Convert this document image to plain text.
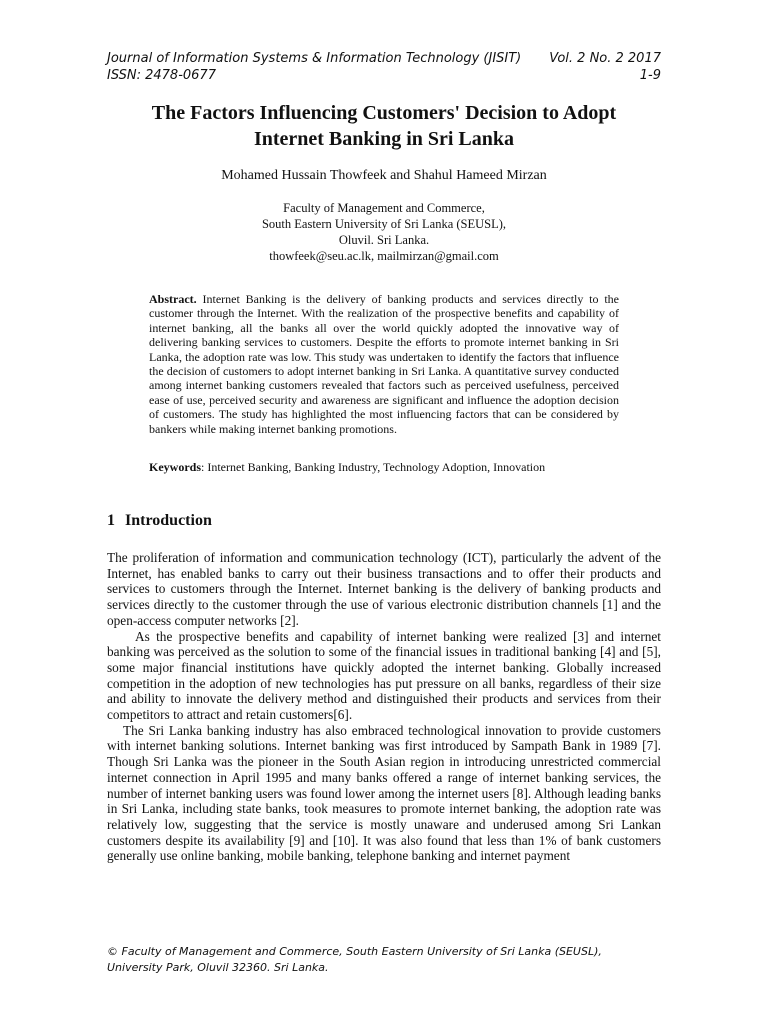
Journal of Information Systems & Information Technology (JISIT) Vol. 2 No. 2 2017
ISSN: 2478-0677	1-9
The Factors Influencing Customers' Decision to Adopt
Internet Banking in Sri Lanka
Mohamed Hussain Thowfeek and Shahul Hameed Mirzan
Faculty of Management and Commerce,
South Eastern University of Sri Lanka (SEUSL),
Oluvil. Sri Lanka.
thowfeek@seu.ac.lk, mailmirzan@gmail.com
Abstract. Internet Banking is the delivery of banking products and services directly to the customer through the Internet. With the realization of the prospective benefits and capability of internet banking, all the banks all over the world quickly adopted the innovative way of delivering banking services to customers. Despite the efforts to promote internet banking in Sri Lanka, the adoption rate was low. This study was undertaken to identify the factors that influence the decision of customers to adopt internet banking in Sri Lanka. A quantitative survey conducted among internet banking customers revealed that factors such as perceived usefulness, perceived ease of use, perceived security and awareness are significant and influence the adoption decision of customers. The study has highlighted the most influencing factors that can be considered by bankers while making internet banking promotions.
Keywords: Internet Banking, Banking Industry, Technology Adoption, Innovation
1 Introduction

The proliferation of information and communication technology (ICT), particularly the advent of the Internet, has enabled banks to carry out their business transactions and to offer their products and services to customers through the Internet. Internet banking is the delivery of banking products and services directly to the customer through the use of various electronic distribution channels [1] and the open-access computer networks [2].

As the prospective benefits and capability of internet banking were realized [3] and internet banking was perceived as the solution to some of the financial issues in traditional banking [4] and [5], some major financial institutions have quickly adopted the internet banking. Globally increased competition in the adoption of new technologies has put pressure on all banks, regardless of their size and ability to innovate the delivery method and distinguished their products and services from their competitors to attract and retain customers[6].

The Sri Lanka banking industry has also embraced technological innovation to provide customers with internet banking solutions. Internet banking was first introduced by Sampath Bank in 1989 [7]. Though Sri Lanka was the pioneer in the South Asian region in introducing unrestricted commercial internet connection in April 1995 and many banks offered a range of internet banking services, the number of internet banking users was found lower among the internet users [8]. Although leading banks in Sri Lanka, including state banks, took measures to promote internet banking, the adoption rate was relatively low, suggesting that the service is mostly unaware and underused among Sri Lankan customers despite its availability [9] and [10]. It was also found that less than 1% of bank customers generally use online banking, mobile banking, telephone banking and internet payment

© Faculty of Management and Commerce, South Eastern University of Sri Lanka (SEUSL),
University Park, Oluvil 32360. Sri Lanka.
